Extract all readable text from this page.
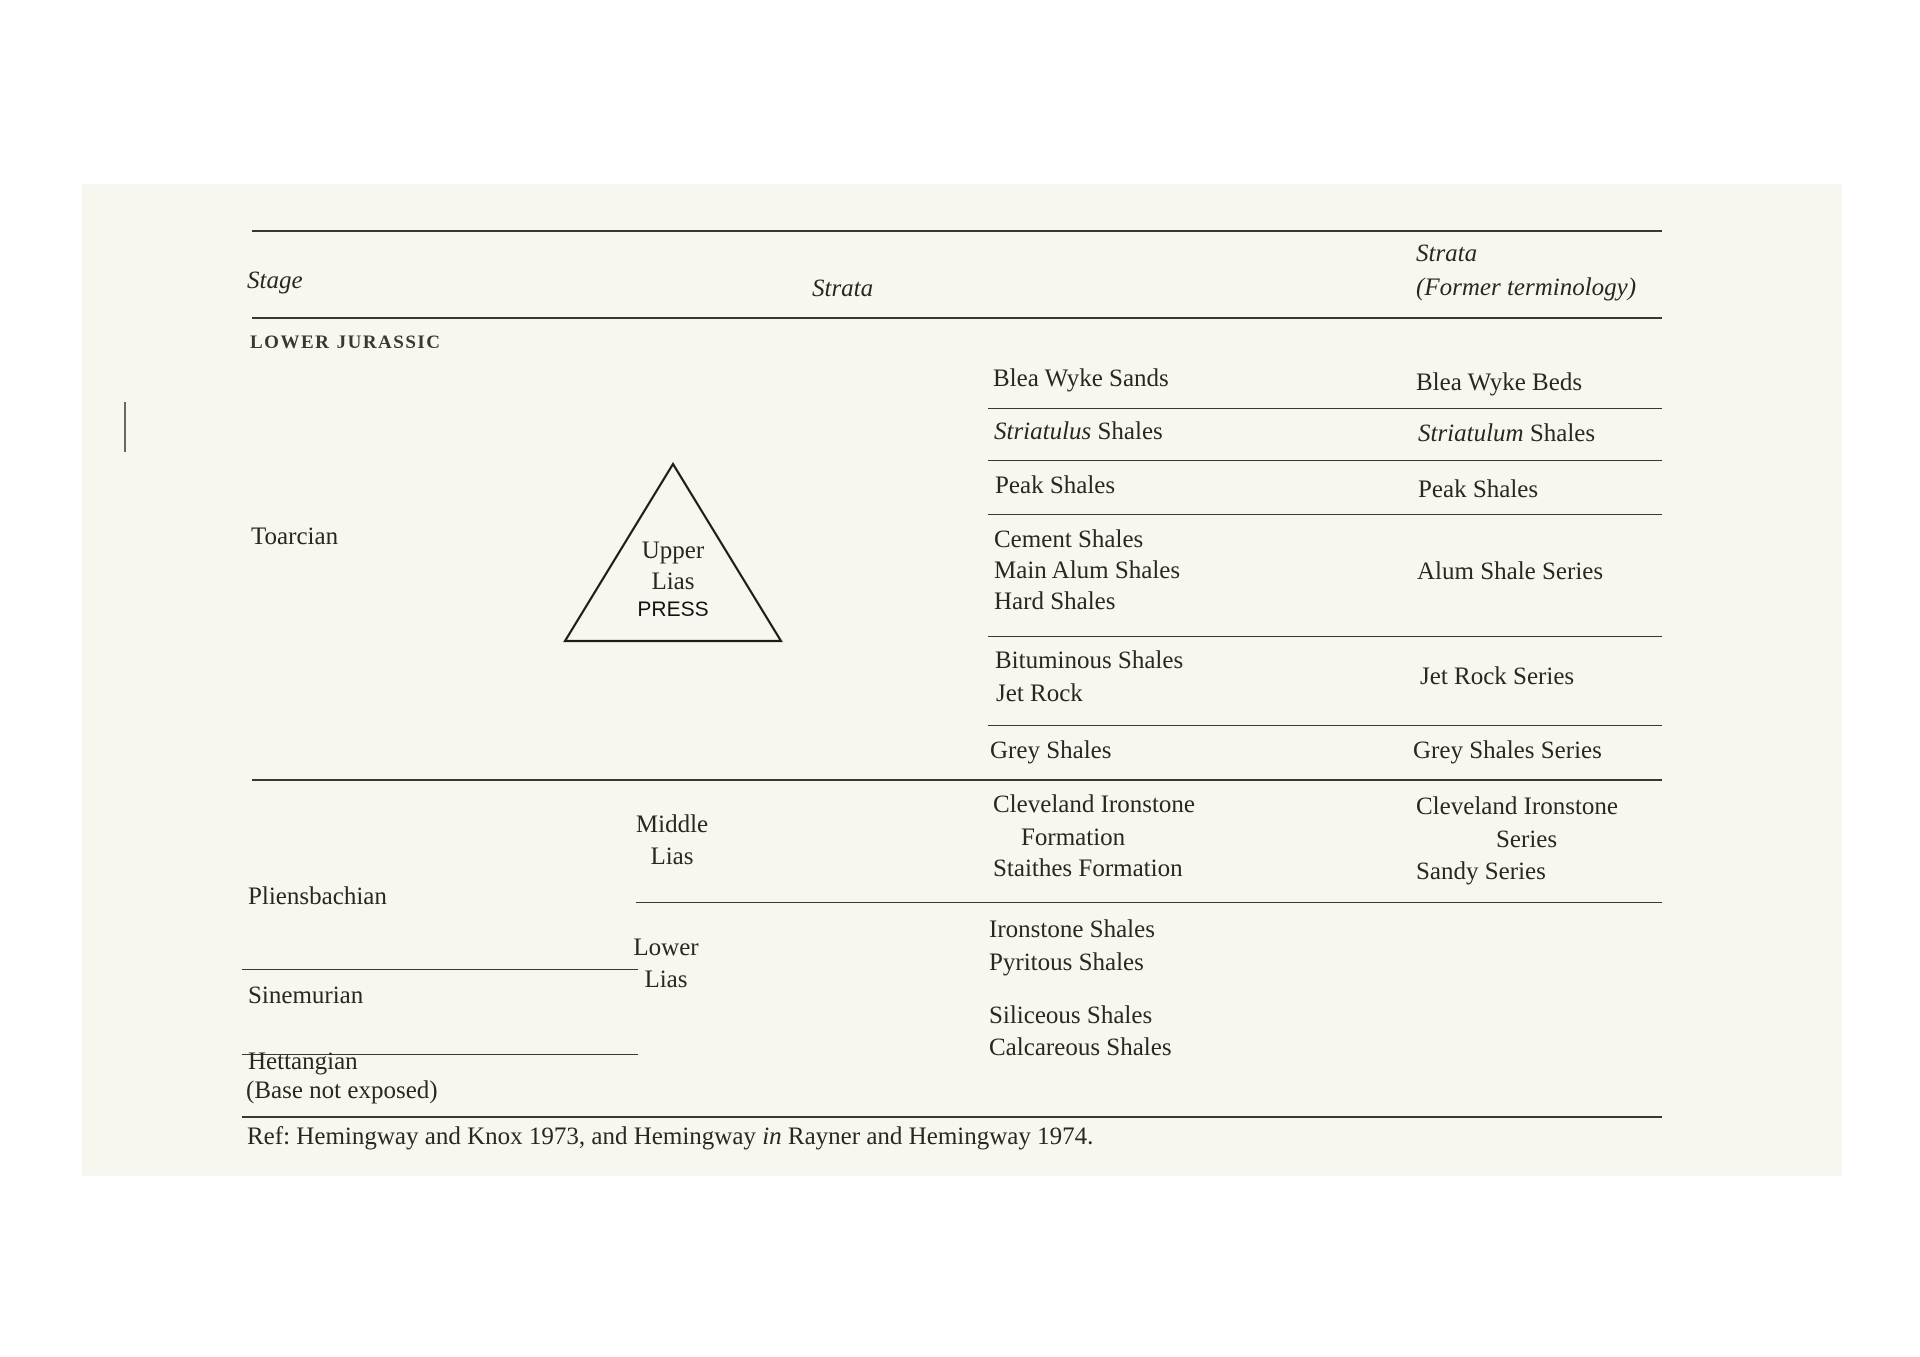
Stage	Strata
Strata
(Former terminology)
LOWER JURASSIC
Toarcian
Pliensbachian
Sinemurian
Hettangian
(Base not exposed)
Upper
Lias
PRESS
Middle
Lias
Lower
Lias
Blea Wyke Sands
Striatulus Shales
Peak Shales
Cement Shales
Main Alum Shales
Hard Shales
Bituminous Shales
Jet Rock
Grey Shales
Cleveland Ironstone
Formation
Staithes Formation
Ironstone Shales
Pyritous Shales
Siliceous Shales
Calcareous Shales
Blea Wyke Beds
Striatulum Shales
Peak Shales
Alum Shale Series
Jet Rock Series
Grey Shales Series
Cleveland Ironstone
Series
Sandy Series
Ref: Hemingway and Knox 1973, and Hemingway in Rayner and Hemingway 1974.
